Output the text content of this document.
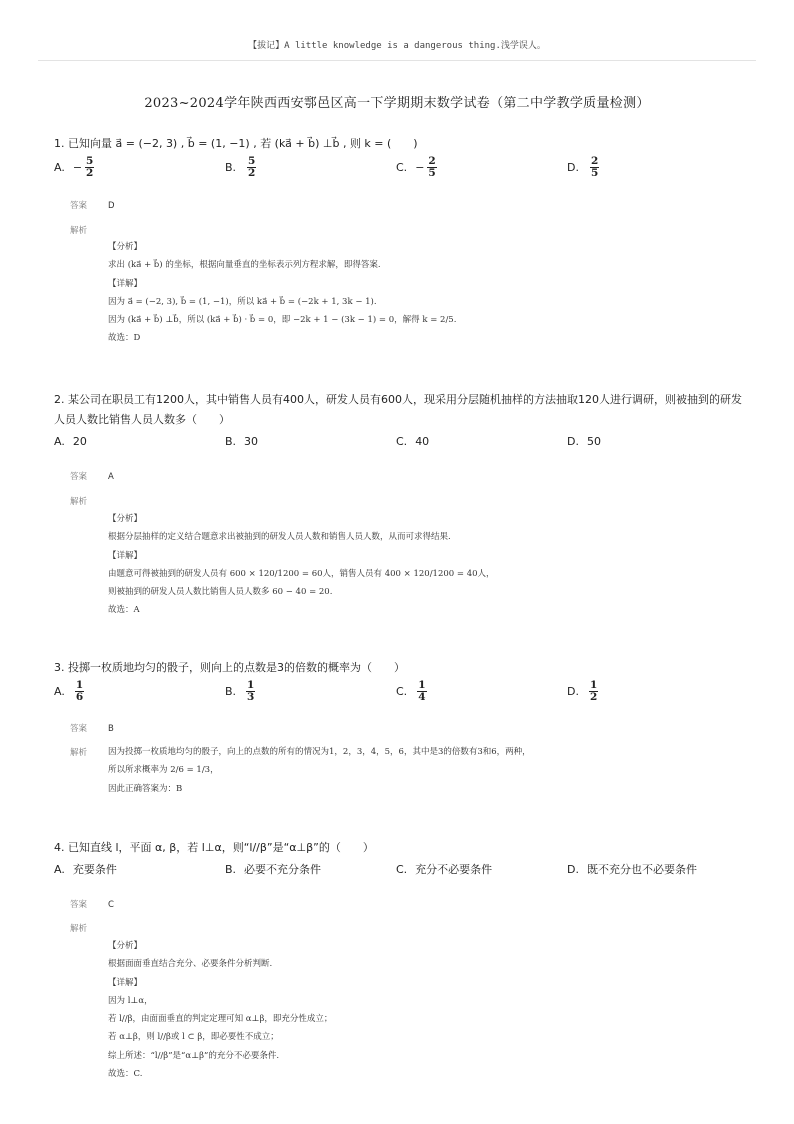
【拔记】A little knowledge is a dangerous thing.浅学误人。
2023~2024学年陕西西安鄠邑区高一下学期期末数学试卷（第二中学教学质量检测）

1. 已知向量 a⃗ = (−2, 3) , b⃗ = (1, −1) , 若 (ka⃗ + b⃗) ⊥b⃗ , 则 k = (　　)

A. − $\frac{5}{2}$	B. $\frac{5}{2}$	C. − $\frac{2}{5}$	D. $\frac{2}{5}$
答案 D
解析

【分析】

求出 (ka⃗ + b⃗) 的坐标，根据向量垂直的坐标表示列方程求解，即得答案.

【详解】

因为 a⃗ = (−2, 3), b⃗ = (1, −1)，所以 ka⃗ + b⃗ = (−2k + 1, 3k − 1).

因为 (ka⃗ + b⃗) ⊥b⃗，所以 (ka⃗ + b⃗) · b⃗ = 0，即 −2k + 1 − (3k − 1) = 0，解得 k = 2/5.

故选：D

2. 某公司在职员工有1200人，其中销售人员有400人，研发人员有600人，现采用分层随机抽样的方法抽取120人进行调研，则被抽到的研发人员人数比销售人员人数多（　　）

A. 20	B. 30	C. 40	D. 50
答案 A
解析

【分析】

根据分层抽样的定义结合题意求出被抽到的研发人员人数和销售人员人数，从而可求得结果.

【详解】

由题意可得被抽到的研发人员有 600 × 120/1200 = 60人，销售人员有 400 × 120/1200 = 40人，

则被抽到的研发人员人数比销售人员人数多 60 − 40 = 20.

故选：A

3. 投掷一枚质地均匀的骰子，则向上的点数是3的倍数的概率为（　　）

A. $\frac{1}{6}$	B. $\frac{1}{3}$	C. $\frac{1}{4}$	D. $\frac{1}{2}$
答案 B
解析	因为投掷一枚质地均匀的骰子，向上的点数的所有的情况为1，2，3，4，5，6，其中是3的倍数有3和6，两种，

所以所求概率为 2/6 = 1/3，

因此正确答案为：B

4. 已知直线 l，平面 α, β，若 l⊥α，则“l//β”是“α⊥β”的（　　）

A. 充要条件	B. 必要不充分条件	C. 充分不必要条件	D. 既不充分也不必要条件
答案 C
解析

【分析】

根据面面垂直结合充分、必要条件分析判断.

【详解】

因为 l⊥α，

若 l//β，由面面垂直的判定定理可知 α⊥β，即充分性成立；

若 α⊥β，则 l//β或 l ⊂ β，即必要性不成立；

综上所述：“l//β”是“α⊥β”的充分不必要条件.

故选：C.
